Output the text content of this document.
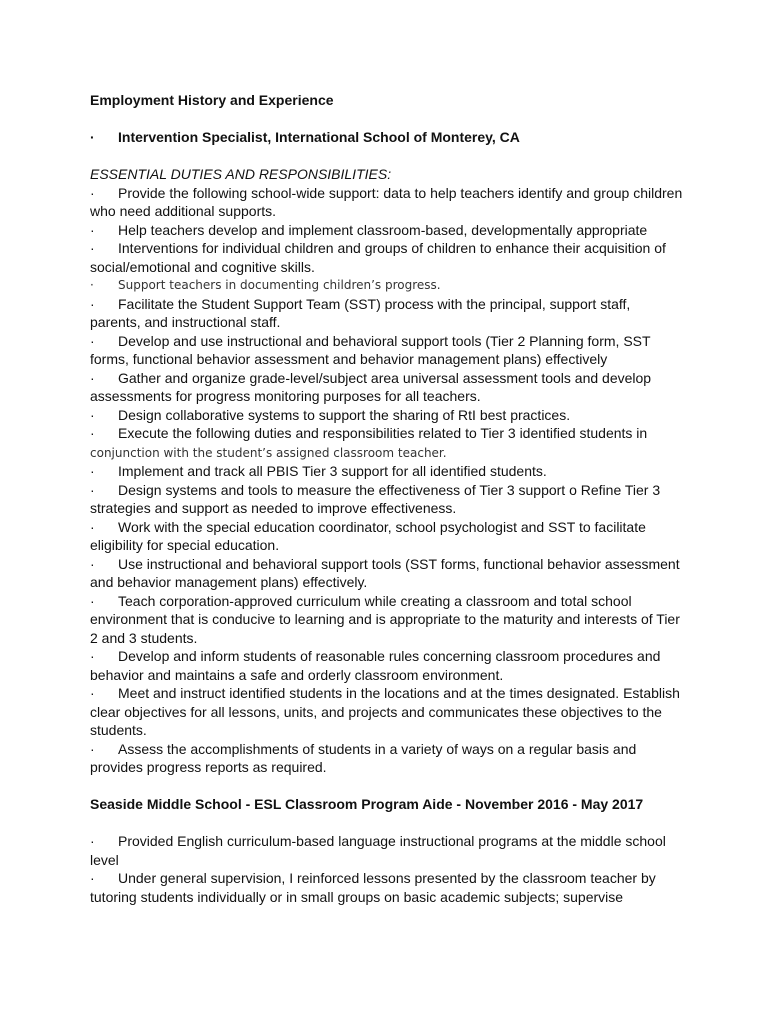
Employment History and Experience

· Intervention Specialist, International School of Monterey, CA

ESSENTIAL DUTIES AND RESPONSIBILITIES:

· Provide the following school-wide support: data to help teachers identify and group children
who need additional supports.

· Help teachers develop and implement classroom-based, developmentally appropriate

· Interventions for individual children and groups of children to enhance their acquisition of
social/emotional and cognitive skills.

· Support teachers in documenting children’s progress.

· Facilitate the Student Support Team (SST) process with the principal, support staff,
parents, and instructional staff.

· Develop and use instructional and behavioral support tools (Tier 2 Planning form, SST
forms, functional behavior assessment and behavior management plans) effectively

· Gather and organize grade-level/subject area universal assessment tools and develop
assessments for progress monitoring purposes for all teachers.

· Design collaborative systems to support the sharing of RtI best practices.

· Execute the following duties and responsibilities related to Tier 3 identified students in
conjunction with the student’s assigned classroom teacher.

· Implement and track all PBIS Tier 3 support for all identified students.

· Design systems and tools to measure the effectiveness of Tier 3 support o Refine Tier 3
strategies and support as needed to improve effectiveness.

· Work with the special education coordinator, school psychologist and SST to facilitate
eligibility for special education.

· Use instructional and behavioral support tools (SST forms, functional behavior assessment
and behavior management plans) effectively.

· Teach corporation-approved curriculum while creating a classroom and total school
environment that is conducive to learning and is appropriate to the maturity and interests of Tier
2 and 3 students.

· Develop and inform students of reasonable rules concerning classroom procedures and
behavior and maintains a safe and orderly classroom environment.

· Meet and instruct identified students in the locations and at the times designated. Establish
clear objectives for all lessons, units, and projects and communicates these objectives to the
students.

· Assess the accomplishments of students in a variety of ways on a regular basis and
provides progress reports as required.

Seaside Middle School - ESL Classroom Program Aide - November 2016 - May 2017

· Provided English curriculum-based language instructional programs at the middle school
level

· Under general supervision, I reinforced lessons presented by the classroom teacher by
tutoring students individually or in small groups on basic academic subjects; supervise
